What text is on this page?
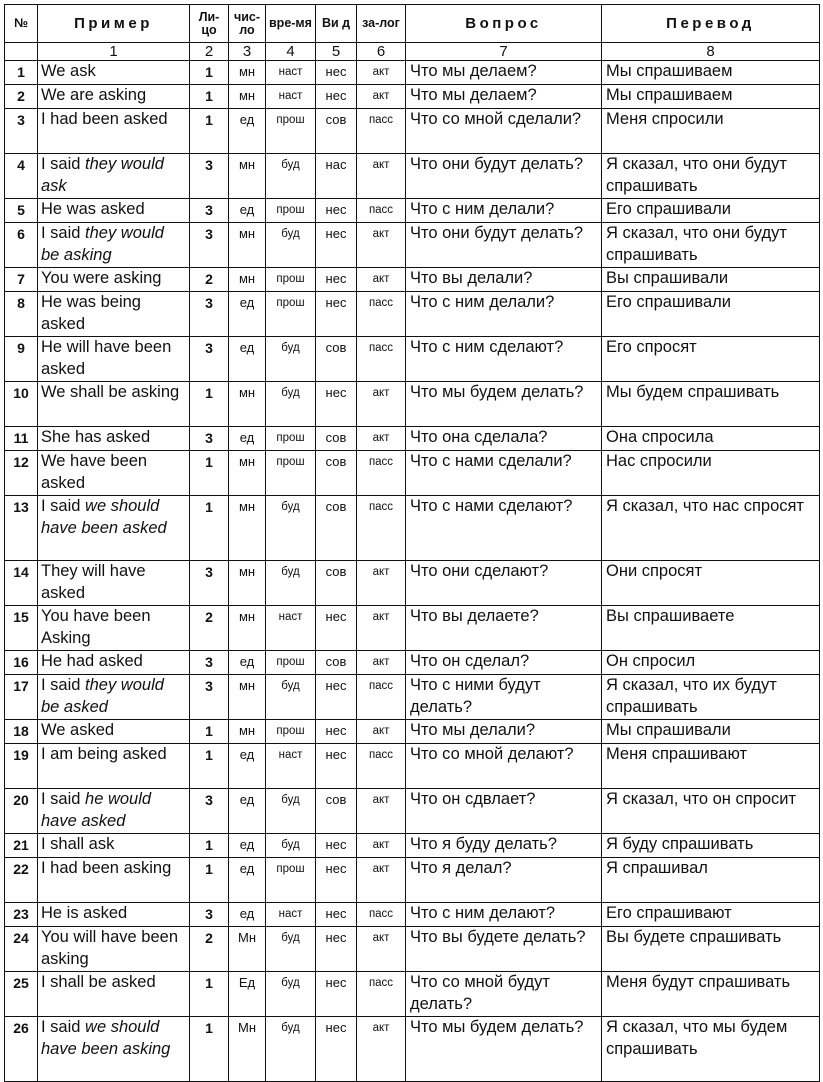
№	Пример	Ли-цо	чис-ло	вре-мя	Ви д	за-лог	Вопрос	Перевод
	1	2	3	4	5	6	7	8
1	We ask	1	мн	наст	нес	акт	Что мы делаем?	Мы спрашиваем
2	We are asking	1	мн	наст	нес	акт	Что мы делаем?	Мы спрашиваем
3	I had been asked	1	ед	прош	сов	пасс	Что со мной сделали?	Меня спросили
4	I said they would ask	3	мн	буд	нас	акт	Что они будут делать?	Я сказал, что они будут спрашивать
5	He was asked	3	ед	прош	нес	пасс	Что с ним делали?	Его спрашивали
6	I said they would be asking	3	мн	буд	нес	акт	Что они будут делать?	Я сказал, что они будут спрашивать
7	You were asking	2	мн	прош	нес	акт	Что вы делали?	Вы спрашивали
8	He was being asked	3	ед	прош	нес	пасс	Что с ним делали?	Его спрашивали
9	He will have been asked	3	ед	буд	сов	пасс	Что с ним сделают?	Его спросят
10	We shall be asking	1	мн	буд	нес	акт	Что мы будем делать?	Мы будем спрашивать
11	She has asked	3	ед	прош	сов	акт	Что она сделала?	Она спросила
12	We have been asked	1	мн	прош	сов	пасс	Что с нами сделали?	Нас спросили
13	I said we should have been asked	1	мн	буд	сов	пасс	Что с нами сделают?	Я сказал, что нас спросят
14	They will have asked	3	мн	буд	сов	акт	Что они сделают?	Они спросят
15	You have been Asking	2	мн	наст	нес	акт	Что вы делаете?	Вы спрашиваете
16	He had asked	3	ед	прош	сов	акт	Что он сделал?	Он спросил
17	I said they would be asked	3	мн	буд	нес	пасс	Что с ними будут делать?	Я сказал, что их будут спрашивать
18	We asked	1	мн	прош	нес	акт	Что мы делали?	Мы спрашивали
19	I am being asked	1	ед	наст	нес	пасс	Что со мной делают?	Меня спрашивают
20	I said he would have asked	3	ед	буд	сов	акт	Что он сдвлает?	Я сказал, что он спросит
21	I shall ask	1	ед	буд	нес	акт	Что я буду делать?	Я буду спрашивать
22	I had been asking	1	ед	прош	нес	акт	Что я делал?	Я спрашивал
23	He is asked	3	ед	наст	нес	пасс	Что с ним делают?	Его спрашивают
24	You will have been asking	2	Мн	буд	нес	акт	Что вы будете делать?	Вы будете спрашивать
25	I shall be asked	1	Ед	буд	нес	пасс	Что со мной будут делать?	Меня будут спрашивать
26	I said we should have been asking	1	Мн	буд	нес	акт	Что мы будем делать?	Я сказал, что мы будем спрашивать
